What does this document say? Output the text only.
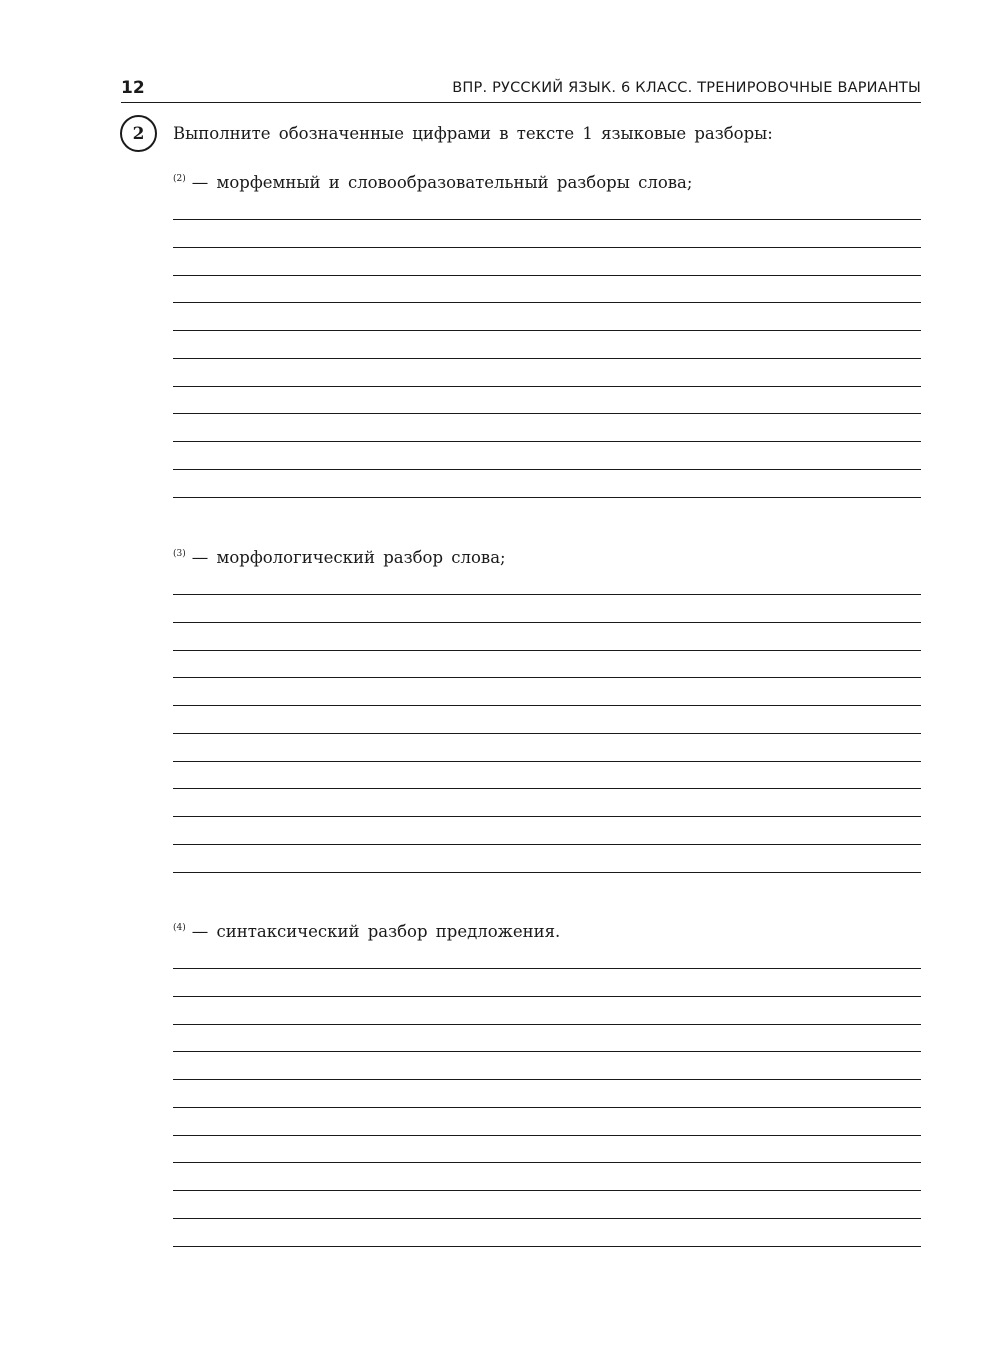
12	ВПР. РУССКИЙ ЯЗЫК. 6 КЛАСС. ТРЕНИРОВОЧНЫЕ ВАРИАНТЫ
2 Выполните обозначенные цифрами в тексте 1 языковые разборы:
$^{(2)}$ — морфемный и словообразовательный разборы слова;
$^{(3)}$ — морфологический разбор слова;
$^{(4)}$ — синтаксический разбор предложения.
